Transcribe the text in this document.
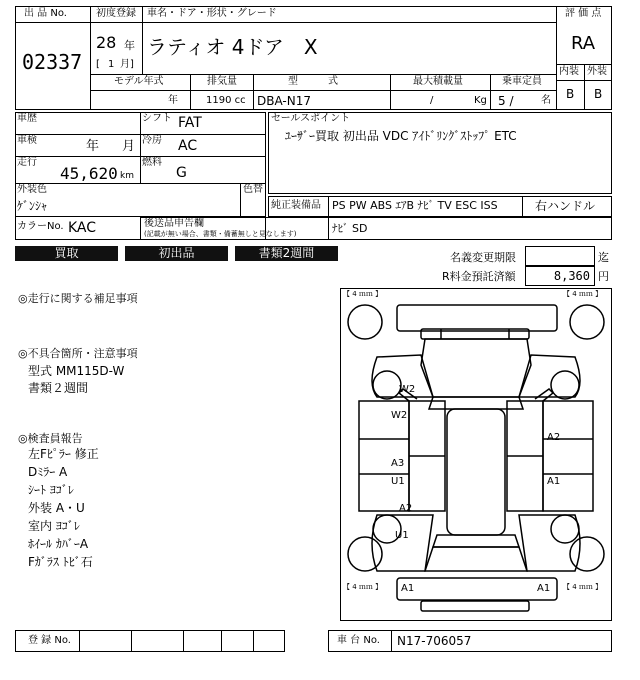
出 品 No.
02337
初度登録
28 年
[ 1 月]
車名・ドア・形状・グレード
ラティオ 4ドア　X
評 価 点
RA
内装 外装
B B
モデル年式
年
排気量
1190 cc
型　　　式
DBA-N17
最大積載量
/	Kg
乗車定員
5 /	名
車歴	シフト FAT
車検	年 月 冷房 AC
走行
45,620 km
燃料
G
外装色
ｹﾞﾝｼｬ
色替
カラーNo. KAC
セールスポイント
ﾕｰｻﾞｰ買取 初出品 VDC ｱｲﾄﾞﾘﾝｸﾞｽﾄｯﾌﾟ ETC
純正装備品 PS PW ABS ｴｱB ﾅﾋﾞ TV ESC ISS	右ハンドル
後送品申告欄
(記載が無い場合、書類・備蓄無しと見なします)	ﾅﾋﾞ SD
買取	初出品	書類2週間	名義変更期限	迄
R料金預託済額	8,360 円
◎走行に関する補足事項
◎不具合箇所・注意事項
型式 MM115D-W
書類２週間
◎検査員報告
左Fﾋﾟﾗｰ 修正
Dﾐﾗｰ A
ｼｰﾄ ﾖｺﾞﾚ
外装 A・U
室内 ﾖｺﾞﾚ
ﾎｲｰﾙ ｶﾊﾞｰA
Fｶﾞﾗｽ ﾄﾋﾞ石
【 4 ｍｍ 】	【 4 ｍｍ 】
【 4 ｍｍ 】	【 4 ｍｍ 】
W2
W2
A2
A3
U1	A1
A2
U1
A1	A1
登 録 No.	車 台 No. N17-706057
